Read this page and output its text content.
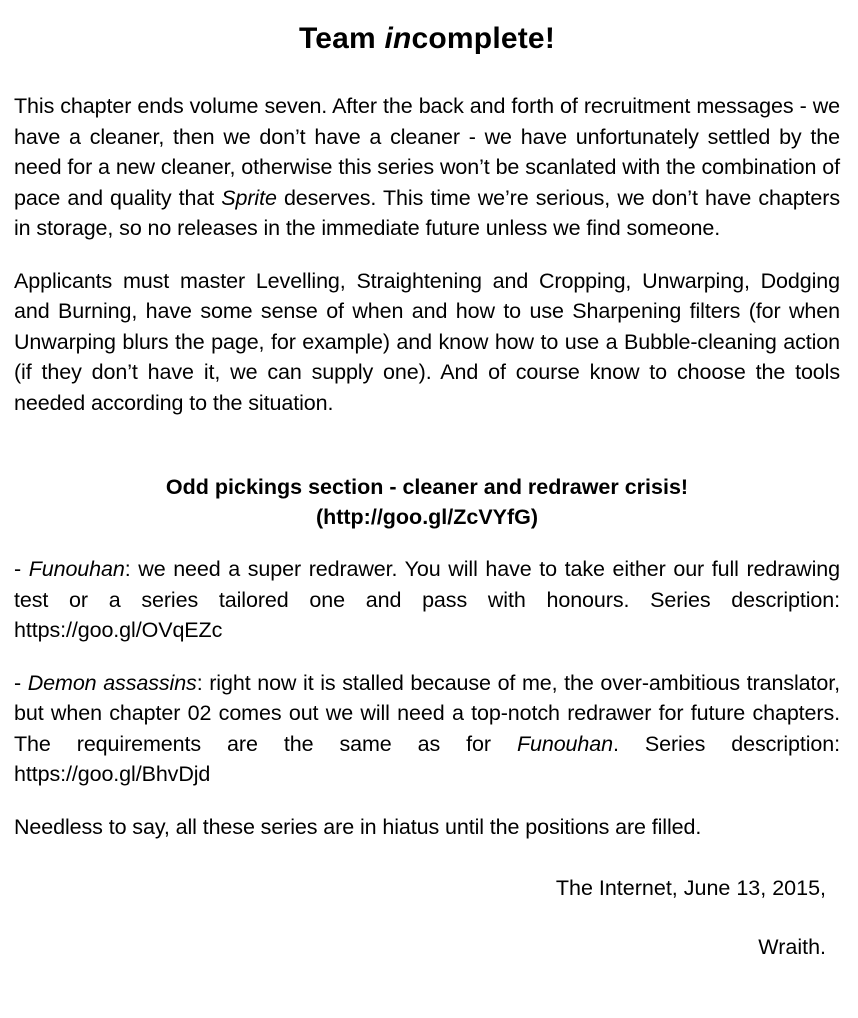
Team incomplete!

This chapter ends volume seven. After the back and forth of recruitment messages - we have a cleaner, then we don’t have a cleaner - we have unfortunately settled by the need for a new cleaner, otherwise this series won’t be scanlated with the combination of pace and quality that Sprite deserves. This time we’re serious, we don’t have chapters in storage, so no releases in the immediate future unless we find someone.

Applicants must master Levelling, Straightening and Cropping, Unwarping, Dodging and Burning, have some sense of when and how to use Sharpening filters (for when Unwarping blurs the page, for example) and know how to use a Bubble-cleaning action (if they don’t have it, we can supply one). And of course know to choose the tools needed according to the situation.

Odd pickings section - cleaner and redrawer crisis!

(http://goo.gl/ZcVYfG)

- Funouhan: we need a super redrawer. You will have to take either our full redrawing test or a series tailored one and pass with honours. Series description: https://goo.gl/OVqEZc

- Demon assassins: right now it is stalled because of me, the over-ambitious translator, but when chapter 02 comes out we will need a top-notch redrawer for future chapters. The requirements are the same as for Funouhan. Series description: https://goo.gl/BhvDjd

Needless to say, all these series are in hiatus until the positions are filled.

The Internet, June 13, 2015,

Wraith.
